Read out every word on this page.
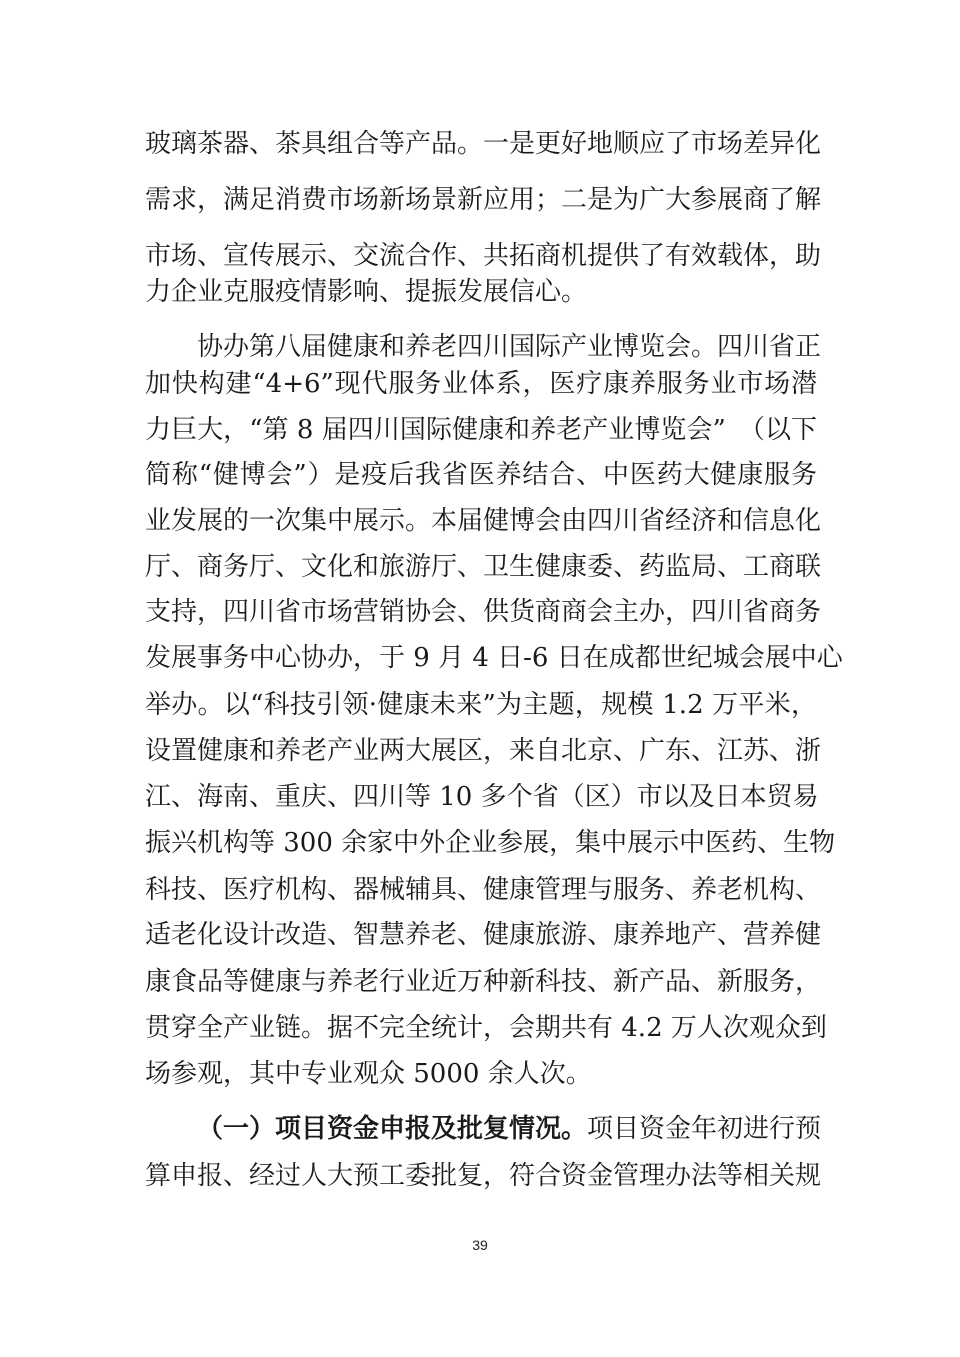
玻璃茶器、茶具组合等产品。一是更好地顺应了市场差异化
需求，满足消费市场新场景新应用；二是为广大参展商了解
市场、宣传展示、交流合作、共拓商机提供了有效载体，助
力企业克服疫情影响、提振发展信心。
　　协办第八届健康和养老四川国际产业博览会。四川省正
加快构建“4+6”现代服务业体系，医疗康养服务业市场潜
力巨大，“第 8 届四川国际健康和养老产业博览会”　（以下
简称“健博会”）是疫后我省医养结合、中医药大健康服务
业发展的一次集中展示。本届健博会由四川省经济和信息化
厅、商务厅、文化和旅游厅、卫生健康委、药监局、工商联
支持，四川省市场营销协会、供货商商会主办，四川省商务
发展事务中心协办，于 9 月 4 日-6 日在成都世纪城会展中心
举办。以“科技引领·健康未来”为主题，规模 1.2 万平米，
设置健康和养老产业两大展区，来自北京、广东、江苏、浙
江、海南、重庆、四川等 10 多个省（区）市以及日本贸易
振兴机构等 300 余家中外企业参展，集中展示中医药、生物
科技、医疗机构、器械辅具、健康管理与服务、养老机构、
适老化设计改造、智慧养老、健康旅游、康养地产、营养健
康食品等健康与养老行业近万种新科技、新产品、新服务，
贯穿全产业链。据不完全统计，会期共有 4.2 万人次观众到
场参观，其中专业观众 5000 余人次。
（一）项目资金申报及批复情况。项目资金年初进行预
算申报、经过人大预工委批复，符合资金管理办法等相关规
39
